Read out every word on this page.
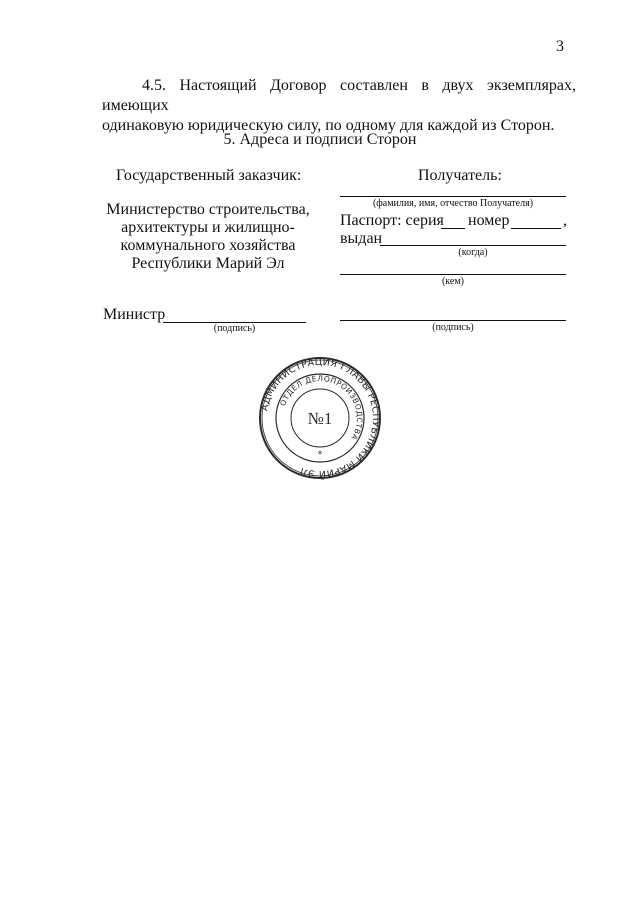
3
4.5. Настоящий Договор составлен в двух экземплярах, имеющих
одинаковую юридическую силу, по одному для каждой из Сторон.
5. Адреса и подписи Сторон
Государственный заказчик:
Министерство строительства,
архитектуры и жилищно-
коммунального хозяйства
Республики Марий Эл
Министр
(подпись)
Получатель:
(фамилия, имя, отчество Получателя)
Паспорт: серия номер	,
выдан
(когда)
(кем)
(подпись)
АДМИНИСТРАЦИЯ ГЛАВЫ РЕСПУБЛИКИ МАРИЙ ЭЛ
ОТДЕЛ ДЕЛОПРОИЗВОДСТВА
№1
*
